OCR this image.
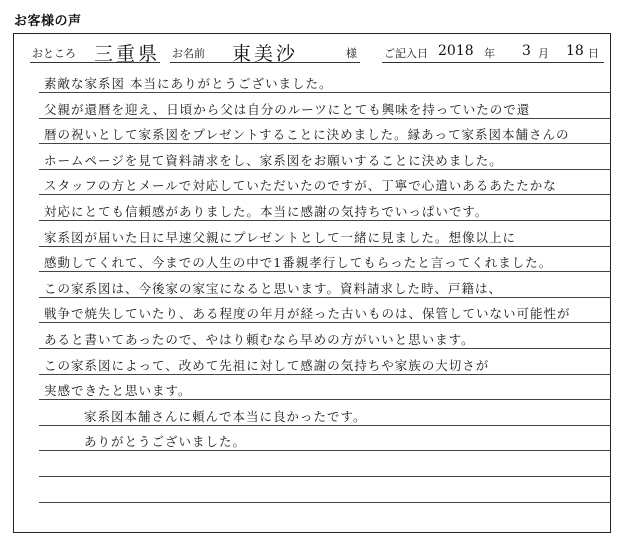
お客様の声
おところ 三重県 お名前 東美沙	様 ご記入日 2018 年 3 月 18 日
素敵な家系図 本当にありがとうございました。
父親が還暦を迎え、日頃から父は自分のルーツにとても興味を持っていたので還
暦の祝いとして家系図をプレゼントすることに決めました。縁あって家系図本舗さんの
ホームページを見て資料請求をし、家系図をお願いすることに決めました。
スタッフの方とメールで対応していただいたのですが、丁寧で心遣いあるあたたかな
対応にとても信頼感がありました。本当に感謝の気持ちでいっぱいです。
家系図が届いた日に早速父親にプレゼントとして一緒に見ました。想像以上に
感動してくれて、今までの人生の中で1番親孝行してもらったと言ってくれました。
この家系図は、今後家の家宝になると思います。資料請求した時、戸籍は、
戦争で焼失していたり、ある程度の年月が経った古いものは、保管していない可能性が
あると書いてあったので、やはり頼むなら早めの方がいいと思います。
この家系図によって、改めて先祖に対して感謝の気持ちや家族の大切さが
実感できたと思います。
家系図本舗さんに頼んで本当に良かったです。
ありがとうございました。
